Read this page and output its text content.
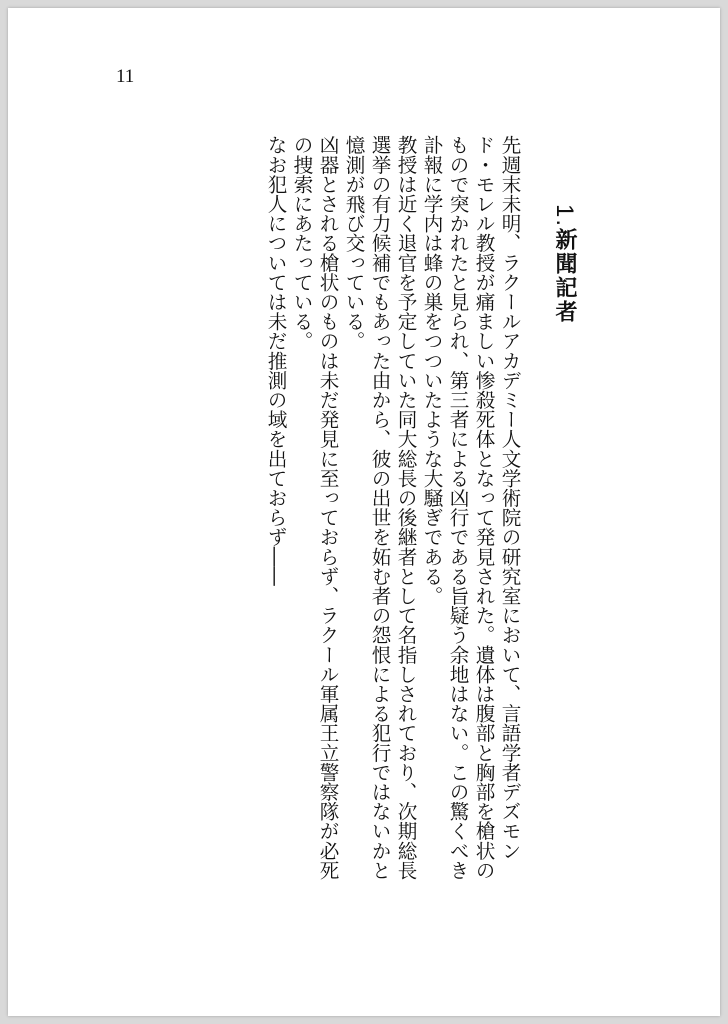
11
1.新聞記者

先週末未明、ラクールアカデミー人文学術院の研究室において、言語学者デズモンド・モレル教授が痛ましい惨殺死体となって発見された。遺体は腹部と胸部を槍状のもので突かれたと見られ、第三者による凶行である旨疑う余地はない。この驚くべき訃報に学内は蜂の巣をつついたような大騒ぎである。

教授は近く退官を予定していた同大総長の後継者として名指しされており、次期総長選挙の有力候補でもあった由から、彼の出世を妬む者の怨恨による犯行ではないかと憶測が飛び交っている。

凶器とされる槍状のものは未だ発見に至っておらず、ラクール軍属王立警察隊が必死の捜索にあたっている。

なお犯人については未だ推測の域を出ておらず――
